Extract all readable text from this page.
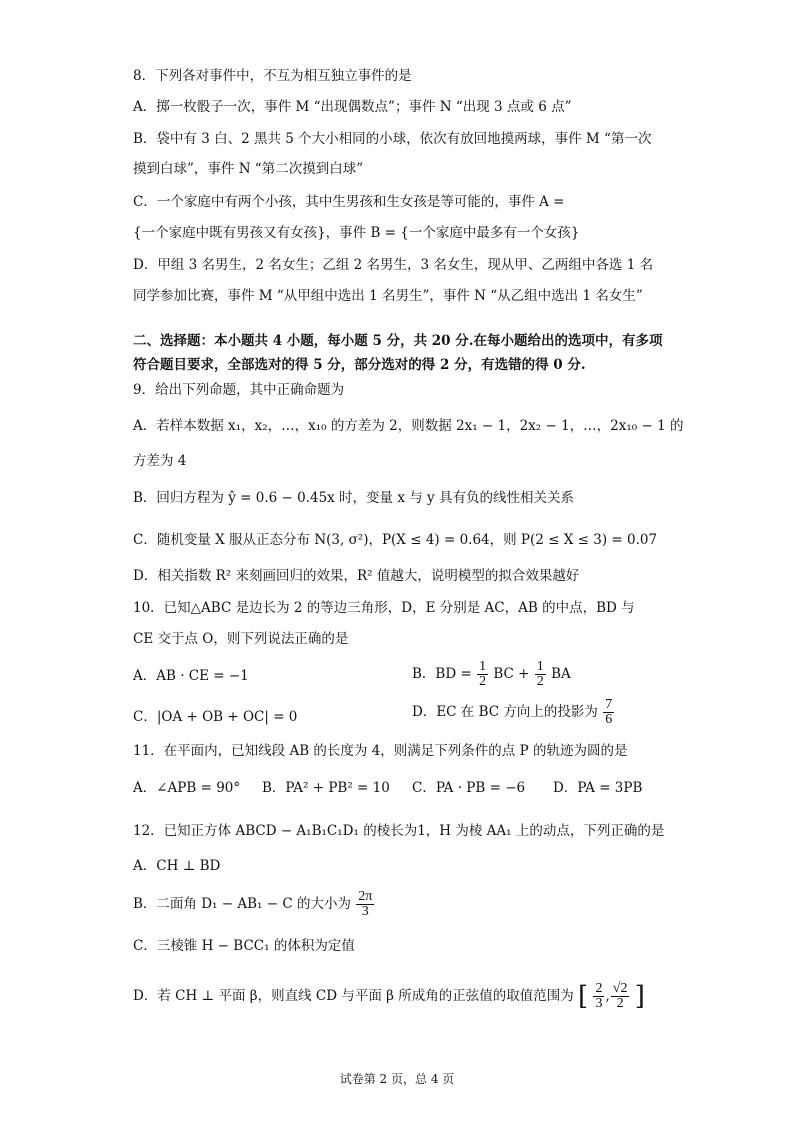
8．下列各对事件中，不互为相互独立事件的是
A．掷一枚骰子一次，事件 M “出现偶数点”；事件 N “出现 3 点或 6 点”
B．袋中有 3 白、2 黑共 5 个大小相同的小球，依次有放回地摸两球，事件 M “第一次
摸到白球”，事件 N “第二次摸到白球”
C．一个家庭中有两个小孩，其中生男孩和生女孩是等可能的，事件 A =
{一个家庭中既有男孩又有女孩}，事件 B = {一个家庭中最多有一个女孩}
D．甲组 3 名男生，2 名女生；乙组 2 名男生，3 名女生，现从甲、乙两组中各选 1 名
同学参加比赛，事件 M “从甲组中选出 1 名男生”，事件 N “从乙组中选出 1 名女生”
二、选择题：本小题共 4 小题，每小题 5 分，共 20 分.在每小题给出的选项中，有多项
符合题目要求，全部选对的得 5 分，部分选对的得 2 分，有选错的得 0 分.
9．给出下列命题，其中正确命题为
A．若样本数据 x₁，x₂，…，x₁₀ 的方差为 2，则数据 2x₁ − 1，2x₂ − 1，…，2x₁₀ − 1 的
方差为 4
B．回归方程为 ŷ = 0.6 − 0.45x 时，变量 x 与 y 具有负的线性相关关系
C．随机变量 X 服从正态分布 N(3, σ²)，P(X ≤ 4) = 0.64，则 P(2 ≤ X ≤ 3) = 0.07
D．相关指数 R² 来刻画回归的效果，R² 值越大，说明模型的拟合效果越好
10．已知△ABC 是边长为 2 的等边三角形，D，E 分别是 AC，AB 的中点，BD 与
CE 交于点 O，则下列说法正确的是
A．AB · CE = −1	B．BD = $\frac{1}{2}$ BC + $\frac{1}{2}$ BA
C．|OA + OB + OC| = 0	D．EC 在 BC 方向上的投影为 $\frac{7}{6}$
11．在平面内，已知线段 AB 的长度为 4，则满足下列条件的点 P 的轨迹为圆的是
A．∠APB = 90° B．PA² + PB² = 10 C．PA · PB = −6 D．PA = 3PB
12．已知正方体 ABCD − A₁B₁C₁D₁ 的棱长为1，H 为棱 AA₁ 上的动点，下列正确的是
A．CH ⊥ BD
B．二面角 D₁ − AB₁ − C 的大小为 $\frac{2\pi}{3}$
C．三棱锥 H − BCC₁ 的体积为定值
D．若 CH ⊥ 平面 β，则直线 CD 与平面 β 所成角的正弦值的取值范围为 [ $\frac{2}{3}$ , $\frac{√2}{2}$ ]
试卷第 2 页，总 4 页
